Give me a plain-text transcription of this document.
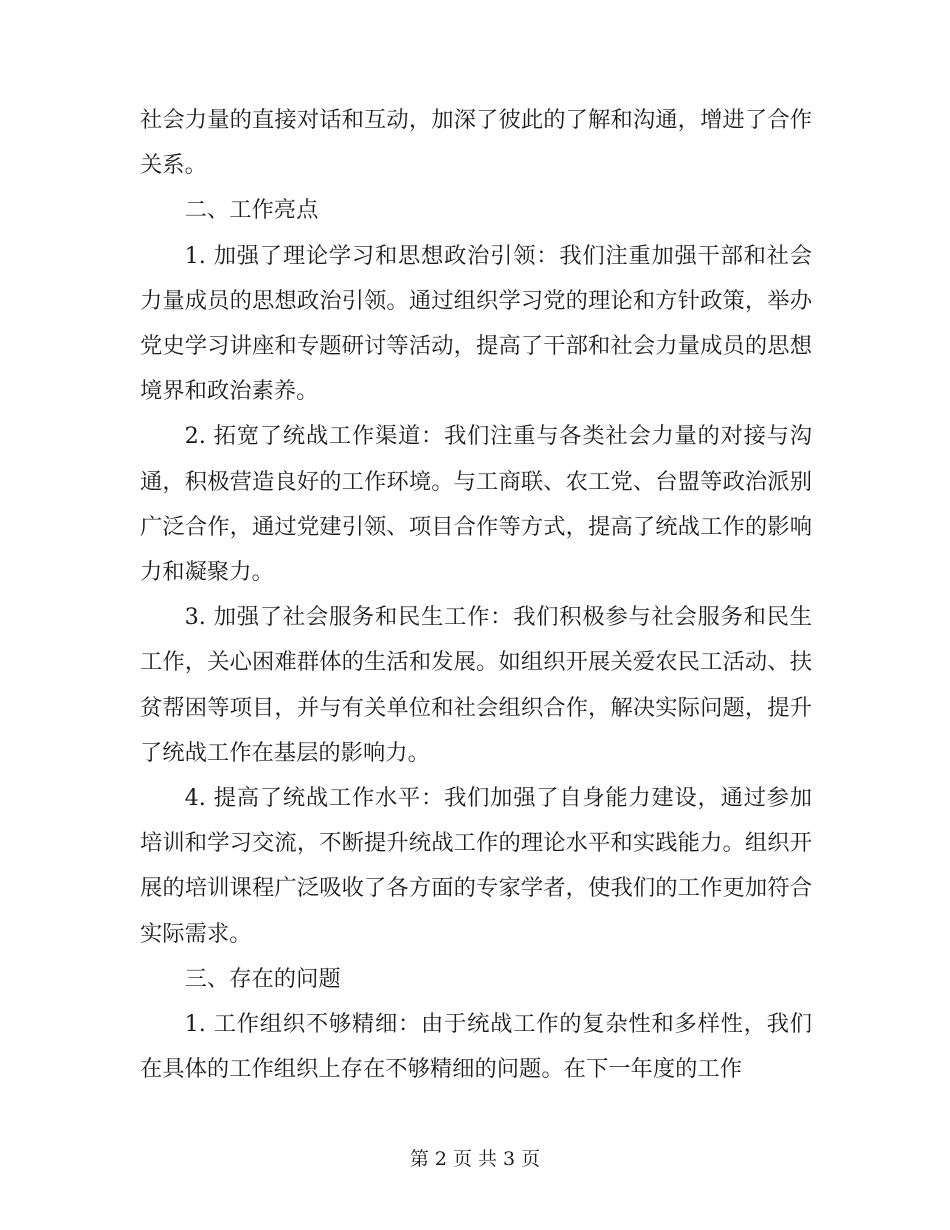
社会力量的直接对话和互动，加深了彼此的了解和沟通，增进了合作关系。

二、工作亮点

1. 加强了理论学习和思想政治引领：我们注重加强干部和社会力量成员的思想政治引领。通过组织学习党的理论和方针政策，举办党史学习讲座和专题研讨等活动，提高了干部和社会力量成员的思想境界和政治素养。

2. 拓宽了统战工作渠道：我们注重与各类社会力量的对接与沟通，积极营造良好的工作环境。与工商联、农工党、台盟等政治派别广泛合作，通过党建引领、项目合作等方式，提高了统战工作的影响力和凝聚力。

3. 加强了社会服务和民生工作：我们积极参与社会服务和民生工作，关心困难群体的生活和发展。如组织开展关爱农民工活动、扶贫帮困等项目，并与有关单位和社会组织合作，解决实际问题，提升了统战工作在基层的影响力。

4. 提高了统战工作水平：我们加强了自身能力建设，通过参加培训和学习交流，不断提升统战工作的理论水平和实践能力。组织开展的培训课程广泛吸收了各方面的专家学者，使我们的工作更加符合实际需求。

三、存在的问题

1. 工作组织不够精细：由于统战工作的复杂性和多样性，我们在具体的工作组织上存在不够精细的问题。在下一年度的工作

第 2 页 共 3 页
